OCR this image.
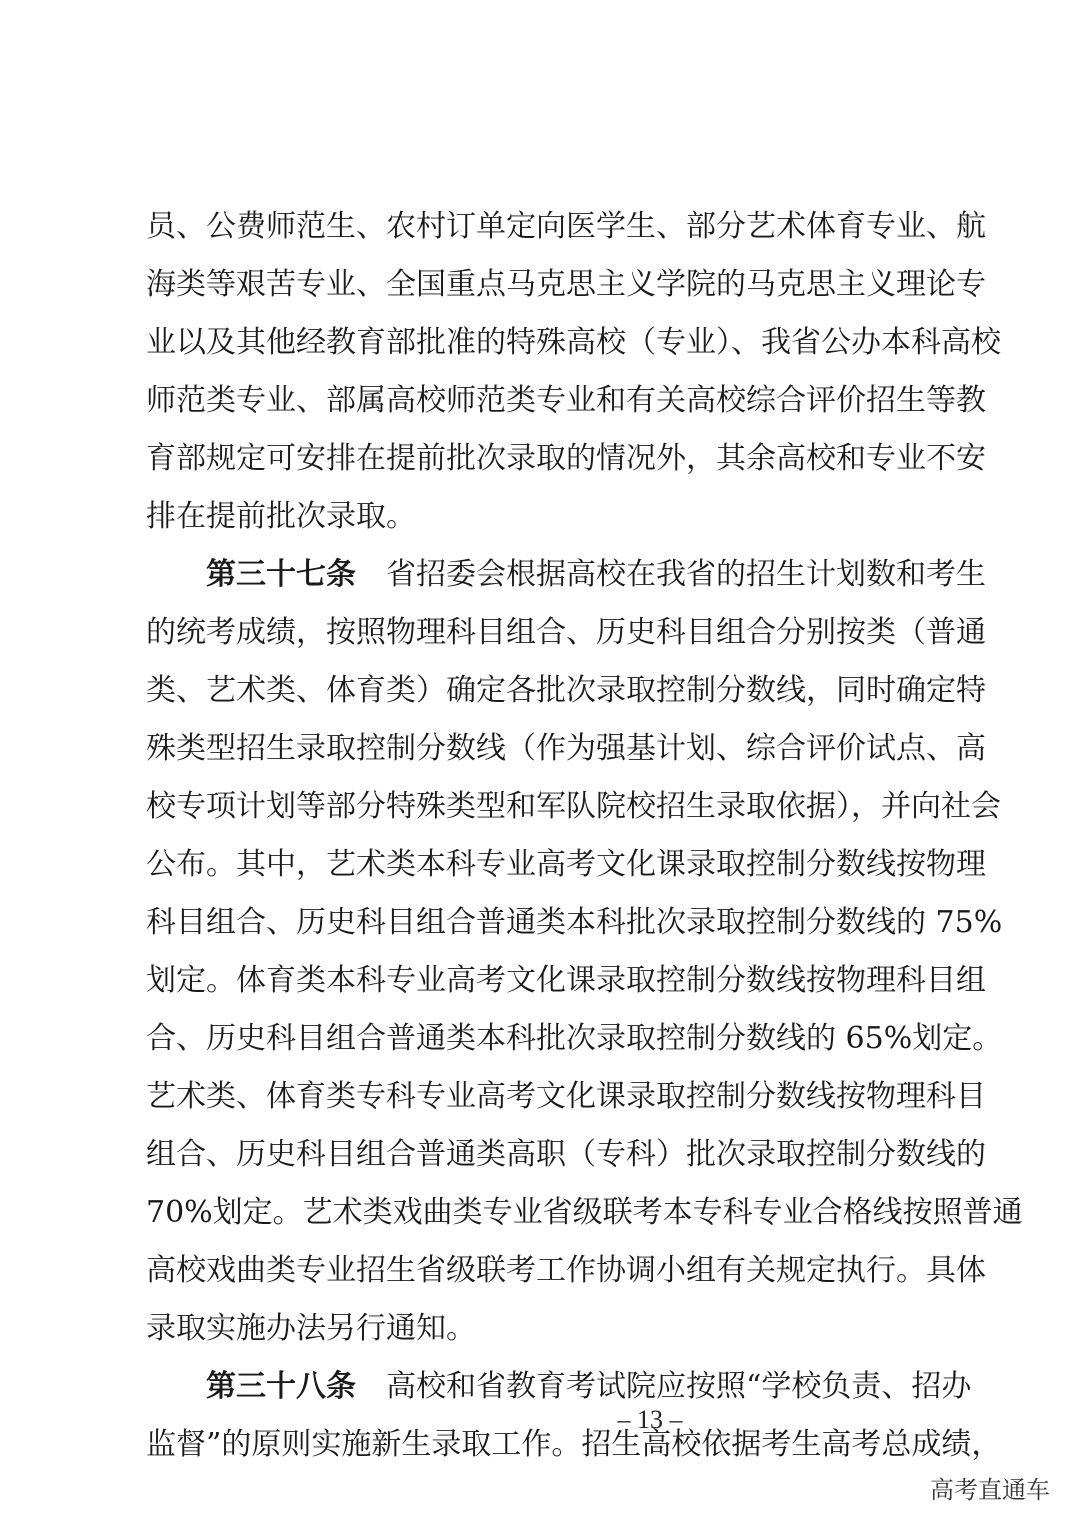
员、公费师范生、农村订单定向医学生、部分艺术体育专业、航
海类等艰苦专业、全国重点马克思主义学院的马克思主义理论专
业以及其他经教育部批准的特殊高校（专业）、我省公办本科高校
师范类专业、部属高校师范类专业和有关高校综合评价招生等教
育部规定可安排在提前批次录取的情况外，其余高校和专业不安
排在提前批次录取。
第三十七条 省招委会根据高校在我省的招生计划数和考生
的统考成绩，按照物理科目组合、历史科目组合分别按类（普通
类、艺术类、体育类）确定各批次录取控制分数线，同时确定特
殊类型招生录取控制分数线（作为强基计划、综合评价试点、高
校专项计划等部分特殊类型和军队院校招生录取依据），并向社会
公布。其中，艺术类本科专业高考文化课录取控制分数线按物理
科目组合、历史科目组合普通类本科批次录取控制分数线的 75%
划定。体育类本科专业高考文化课录取控制分数线按物理科目组
合、历史科目组合普通类本科批次录取控制分数线的 65%划定。
艺术类、体育类专科专业高考文化课录取控制分数线按物理科目
组合、历史科目组合普通类高职（专科）批次录取控制分数线的
70%划定。艺术类戏曲类专业省级联考本专科专业合格线按照普通
高校戏曲类专业招生省级联考工作协调小组有关规定执行。具体
录取实施办法另行通知。
第三十八条 高校和省教育考试院应按照“学校负责、招办
监督”的原则实施新生录取工作。招生高校依据考生高考总成绩，
– 13 –
高考直通车
